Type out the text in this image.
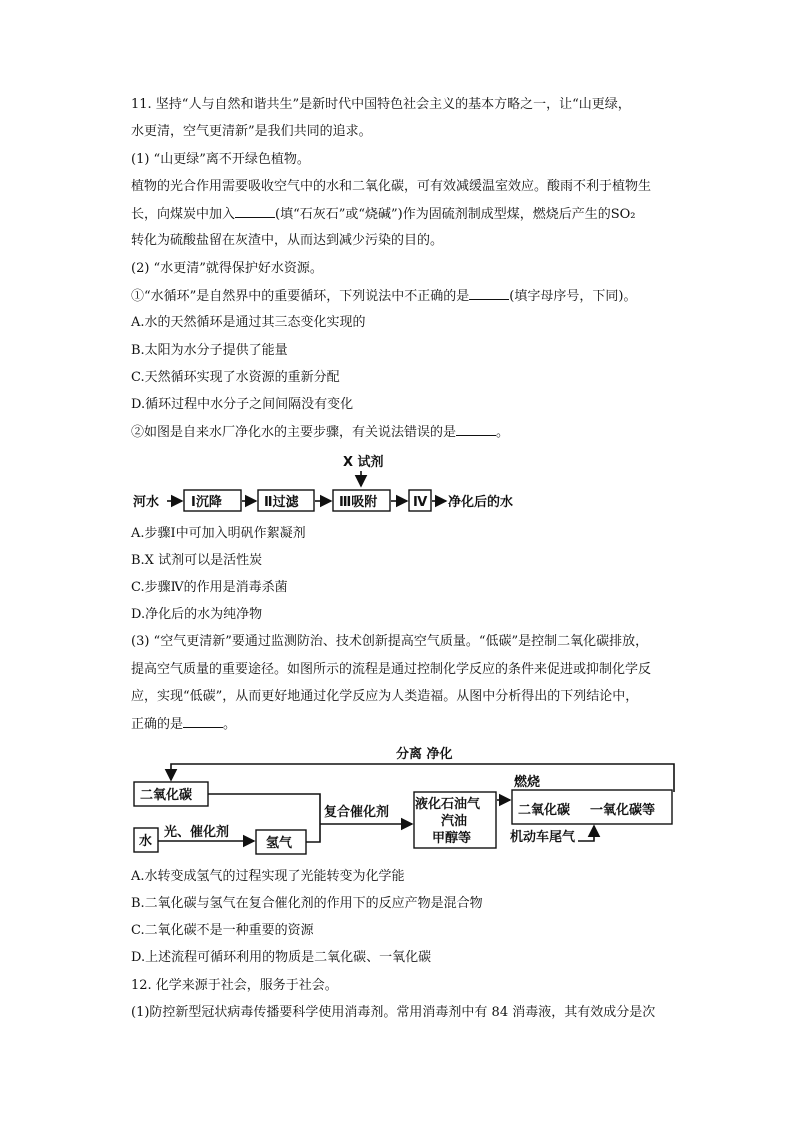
11. 坚持“人与自然和谐共生”是新时代中国特色社会主义的基本方略之一，让“山更绿，
水更清，空气更清新”是我们共同的追求。
(1) “山更绿”离不开绿色植物。
植物的光合作用需要吸收空气中的水和二氧化碳，可有效减缓温室效应。酸雨不利于植物生
长，向煤炭中加入	(填“石灰石”或“烧碱”)作为固硫剂制成型煤，燃烧后产生的SO₂
转化为硫酸盐留在灰渣中，从而达到减少污染的目的。
(2) “水更清”就得保护好水资源。
①“水循环”是自然界中的重要循环，下列说法中不正确的是	(填字母序号，下同)。
A.水的天然循环是通过其三态变化实现的
B.太阳为水分子提供了能量
C.天然循环实现了水资源的重新分配
D.循环过程中水分子之间间隔没有变化
②如图是自来水厂净化水的主要步骤，有关说法错误的是	。
X 试剂
河水 Ⅰ沉降	Ⅱ过滤	Ⅲ吸附	Ⅳ 净化后的水
A.步骤Ⅰ中可加入明矾作絮凝剂
B.X 试剂可以是活性炭
C.步骤Ⅳ的作用是消毒杀菌
D.净化后的水为纯净物
(3) “空气更清新”要通过监测防治、技术创新提高空气质量。“低碳”是控制二氧化碳排放，
提高空气质量的重要途径。如图所示的流程是通过控制化学反应的条件来促进或抑制化学反
应，实现“低碳”，从而更好地通过化学反应为人类造福。从图中分析得出的下列结论中，
正确的是	。
分离 净化
二氧化碳
复合催化剂
液化石油气
汽油
甲醇等
燃烧
二氧化碳 一氧化碳等
机动车尾气
水
光、催化剂
氢气
A.水转变成氢气的过程实现了光能转变为化学能
B.二氧化碳与氢气在复合催化剂的作用下的反应产物是混合物
C.二氧化碳不是一种重要的资源
D.上述流程可循环利用的物质是二氧化碳、一氧化碳
12. 化学来源于社会，服务于社会。
(1)防控新型冠状病毒传播要科学使用消毒剂。常用消毒剂中有 84 消毒液，其有效成分是次
